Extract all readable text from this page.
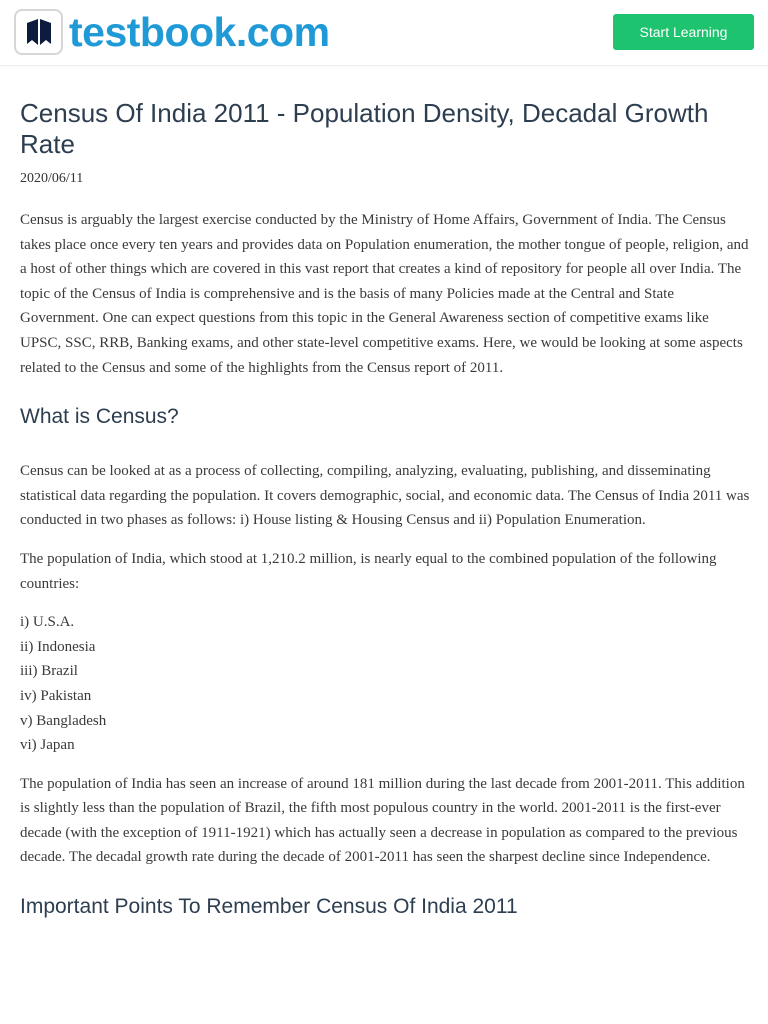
testbook.com	Start Learning
Census Of India 2011 - Population Density, Decadal Growth Rate
2020/06/11

Census is arguably the largest exercise conducted by the Ministry of Home Affairs, Government of India. The Census takes place once every ten years and provides data on Population enumeration, the mother tongue of people, religion, and a host of other things which are covered in this vast report that creates a kind of repository for people all over India. The topic of the Census of India is comprehensive and is the basis of many Policies made at the Central and State Government. One can expect questions from this topic in the General Awareness section of competitive exams like UPSC, SSC, RRB, Banking exams, and other state-level competitive exams. Here, we would be looking at some aspects related to the Census and some of the highlights from the Census report of 2011.

What is Census?

Census can be looked at as a process of collecting, compiling, analyzing, evaluating, publishing, and disseminating statistical data regarding the population. It covers demographic, social, and economic data. The Census of India 2011 was conducted in two phases as follows: i) House listing & Housing Census and ii) Population Enumeration.

The population of India, which stood at 1,210.2 million, is nearly equal to the combined population of the following countries:

i) U.S.A.
ii) Indonesia
iii) Brazil
iv) Pakistan
v) Bangladesh
vi) Japan

The population of India has seen an increase of around 181 million during the last decade from 2001-2011. This addition is slightly less than the population of Brazil, the fifth most populous country in the world. 2001-2011 is the first-ever decade (with the exception of 1911-1921) which has actually seen a decrease in population as compared to the previous decade. The decadal growth rate during the decade of 2001-2011 has seen the sharpest decline since Independence.

Important Points To Remember Census Of India 2011
